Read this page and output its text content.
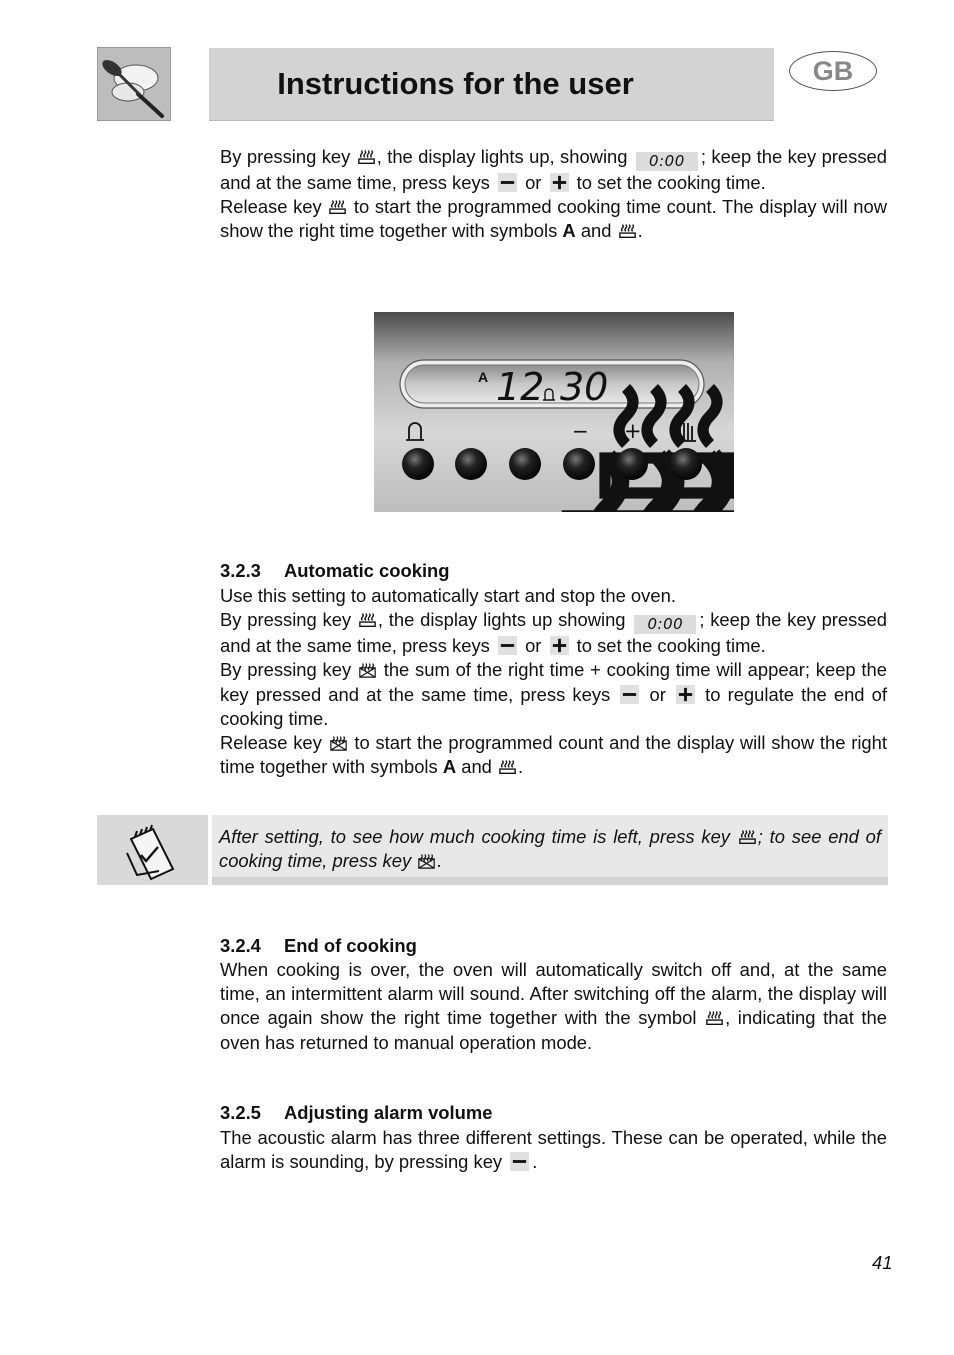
Instructions for the user	GB

By pressing key
, the display lights up, showing 0:00 ; keep the key pressed and at the same time, press keys
or
to set the cooking time.

Release key
to start the programmed cooking time count. The display will now show the right time together with symbols A and
.

A 12 30
− +
3.2.3 Automatic cooking

Use this setting to automatically start and stop the oven.

By pressing key
, the display lights up showing 0:00 ; keep the key pressed and at the same time, press keys
or
to set the cooking time.

By pressing key
the sum of the right time + cooking time will appear; keep the key pressed and at the same time, press keys
or
to regulate the end of cooking time.

Release key
to start the programmed count and the display will show the right time together with symbols A and
.

After setting, to see how much cooking time is left, press key
; to see end of cooking time, press key
.

3.2.4 End of cooking

When cooking is over, the oven will automatically switch off and, at the same time, an intermittent alarm will sound. After switching off the alarm, the display will once again show the right time together with the symbol
, indicating that the oven has returned to manual operation mode.

3.2.5 Adjusting alarm volume

The acoustic alarm has three different settings. These can be operated, while the alarm is sounding, by pressing key
.

41
